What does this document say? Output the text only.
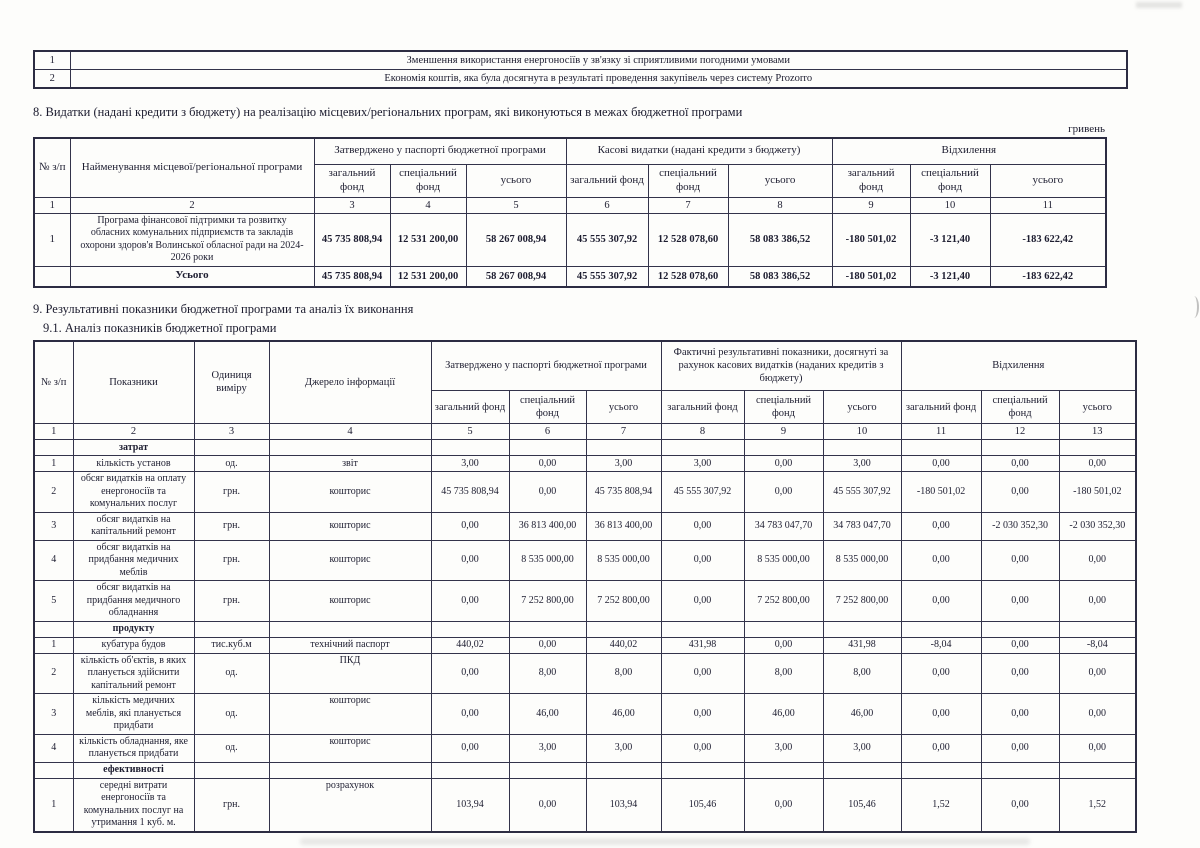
1	Зменшення використання енергоносіїв у зв'язку зі сприятливими погодними умовами
2	Економія коштів, яка була досягнута в результаті проведення закупівель через систему Prozorro

8. Видатки (надані кредити з бюджету) на реалізацію місцевих/регіональних програм, які виконуються в межах бюджетної програми

гривень
№ з/п	Найменування місцевої/регіональної програми	Затверджено у паспорті бюджетної програми			Касові видатки (надані кредити з бюджету)			Відхилення		
		загальний фонд	спеціальний фонд	усього	загальний фонд	спеціальний фонд	усього	загальний фонд	спеціальний фонд	усього
1	2	3	4	5	6	7	8	9	10	11
1	Програма фінансової підтримки та розвитку обласних комунальних підприємств та закладів охорони здоров'я Волинської обласної ради на 2024-2026 роки	45 735 808,94	12 531 200,00	58 267 008,94	45 555 307,92	12 528 078,60	58 083 386,52	-180 501,02	-3 121,40	-183 622,42
	Усього	45 735 808,94	12 531 200,00	58 267 008,94	45 555 307,92	12 528 078,60	58 083 386,52	-180 501,02	-3 121,40	-183 622,42

9. Результативні показники бюджетної програми та аналіз їх виконання

9.1. Аналіз показників бюджетної програми

№ з/п	Показники	Одиниця виміру	Джерело інформації	Затверджено у паспорті бюджетної програми			Фактичні результативні показники, досягнуті за рахунок касових видатків (наданих кредитів з бюджету)			Відхилення		
				загальний фонд	спеціальний фонд	усього	загальний фонд	спеціальний фонд	усього	загальний фонд	спеціальний фонд	усього
1	2	3	4	5	6	7	8	9	10	11	12	13
	затрат											
1	кількість установ	од.	звіт	3,00	0,00	3,00	3,00	0,00	3,00	0,00	0,00	0,00
2	обсяг видатків на оплату енергоносіїв та комунальних послуг	грн.	кошторис	45 735 808,94	0,00	45 735 808,94	45 555 307,92	0,00	45 555 307,92	-180 501,02	0,00	-180 501,02
3	обсяг видатків на капітальний ремонт	грн.	кошторис	0,00	36 813 400,00	36 813 400,00	0,00	34 783 047,70	34 783 047,70	0,00	-2 030 352,30	-2 030 352,30
4	обсяг видатків на придбання медичних меблів	грн.	кошторис	0,00	8 535 000,00	8 535 000,00	0,00	8 535 000,00	8 535 000,00	0,00	0,00	0,00
5	обсяг видатків на придбання медичного обладнання	грн.	кошторис	0,00	7 252 800,00	7 252 800,00	0,00	7 252 800,00	7 252 800,00	0,00	0,00	0,00
	продукту											
1	кубатура будов	тис.куб.м	технічний паспорт	440,02	0,00	440,02	431,98	0,00	431,98	-8,04	0,00	-8,04
2	кількість об'єктів, в яких планується здійснити капітальний ремонт	од.	ПКД	0,00	8,00	8,00	0,00	8,00	8,00	0,00	0,00	0,00
3	кількість медичних меблів, які планується придбати	од.	кошторис	0,00	46,00	46,00	0,00	46,00	46,00	0,00	0,00	0,00
4	кількість обладнання, яке планується придбати	од.	кошторис	0,00	3,00	3,00	0,00	3,00	3,00	0,00	0,00	0,00
	ефективності											
1	середні витрати енергоносіїв та комунальних послуг на утримання 1 куб. м.	грн.	розрахунок	103,94	0,00	103,94	105,46	0,00	105,46	1,52	0,00	1,52
